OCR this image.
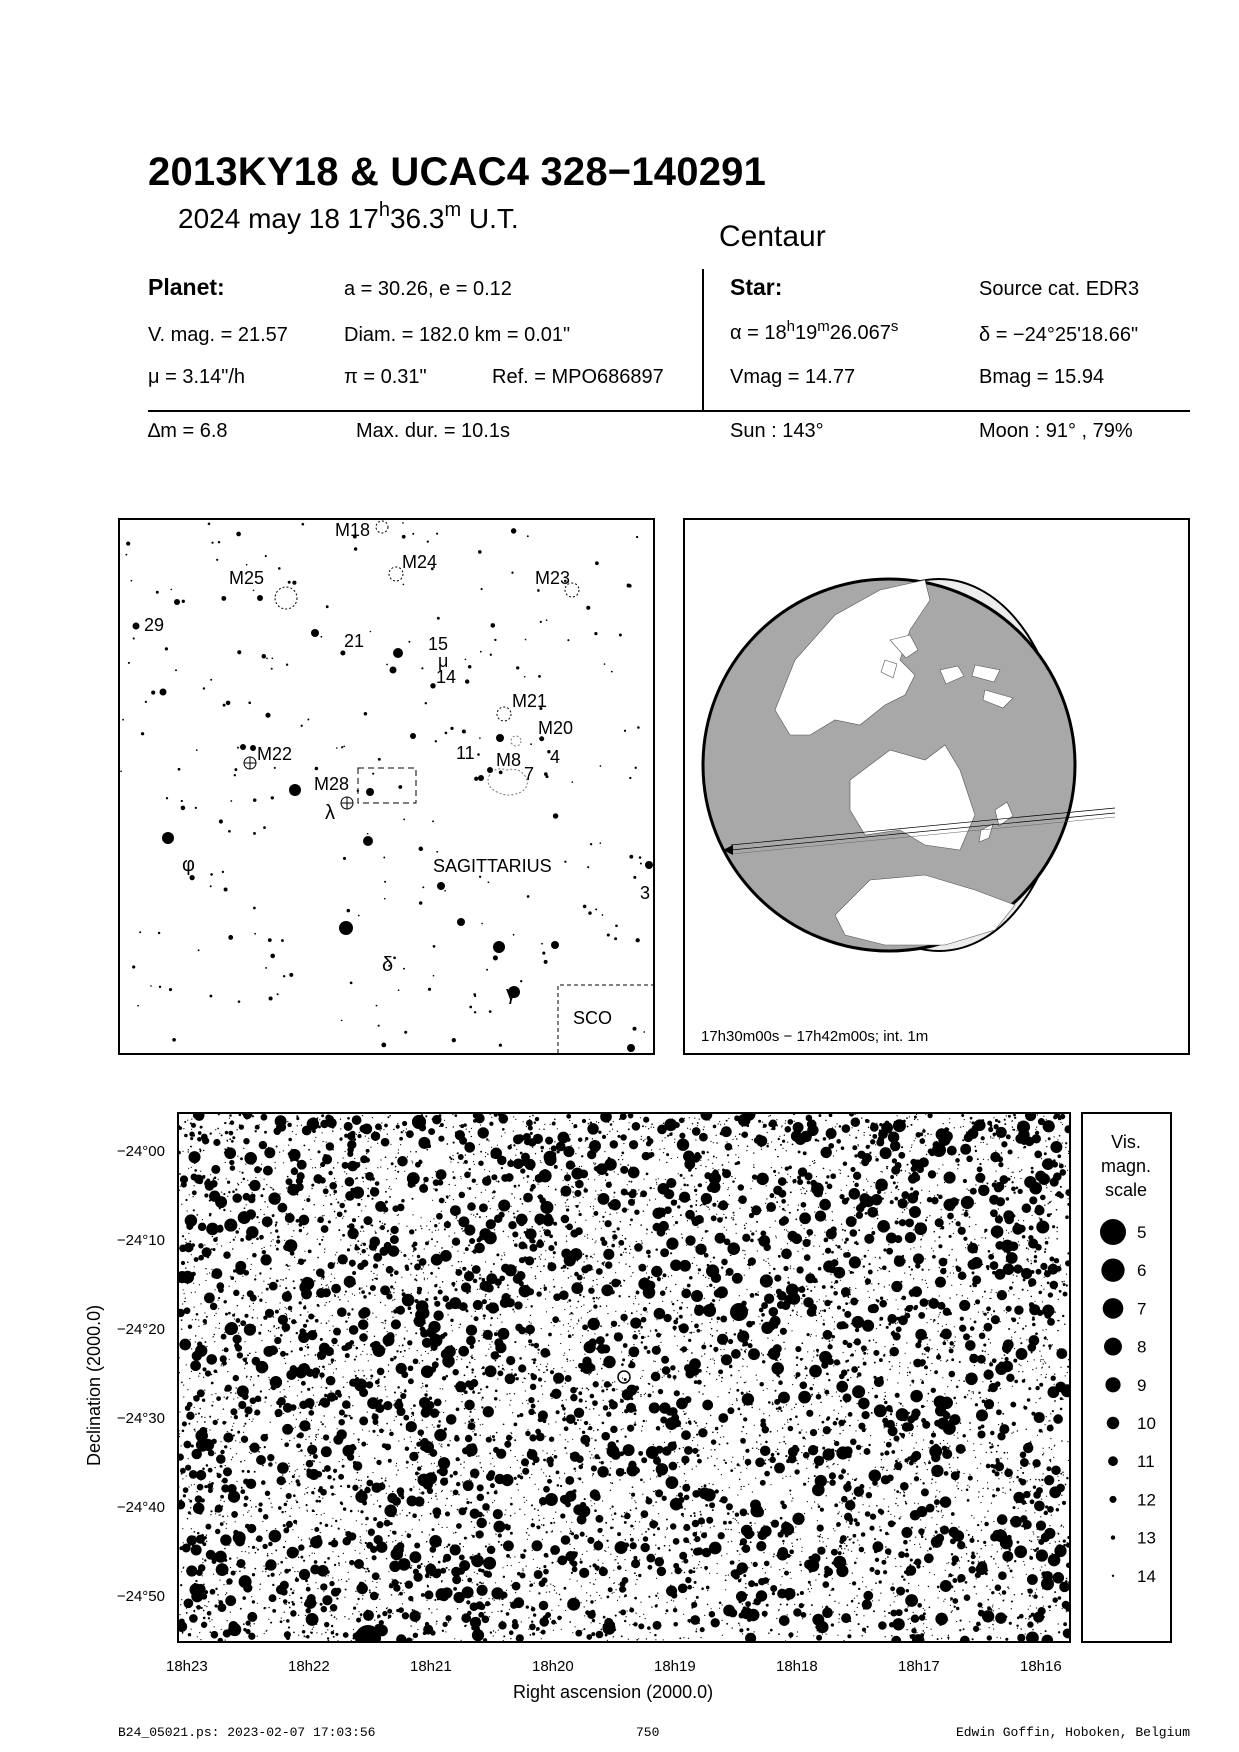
2013KY18 & UCAC4 328−140291
2024 may 18 17$^h$36.3$^m$ U.T.
Centaur
Planet:	a = 30.26, e = 0.12
V. mag. = 21.57	Diam. = 182.0 km = 0.01"
μ = 3.14"/h	π = 0.31"	Ref. = MPO686897
Star:	Source cat. EDR3
$\alpha = 18^h19^m26.067^s$	δ = −24°25'18.66"
Vmag = 14.77	Bmag = 15.94
∆m = 6.8	Max. dur. = 10.1s	Sun : 143°	Moon : 91° , 79%
M18
M24
M25	M23
29
21	15
μ
14
M21
M20
M22	11 M8 4
7
M28
λ
φ	SAGITTARIUS
3
δ
γ
SCO
17h30m00s − 17h42m00s; int. 1m
−24°00
−24°10
−24°20
−24°30
−24°40
−24°50
Declination (2000.0)
18h23	18h22	18h21	18h20	18h19	18h18	18h17	18h16
Right ascension (2000.0)
Vis.
magn.
scale
5
6
7
8
9
10
11
12
13
14
B24_05021.ps: 2023-02-07 17:03:56	750	Edwin Goffin, Hoboken, Belgium
